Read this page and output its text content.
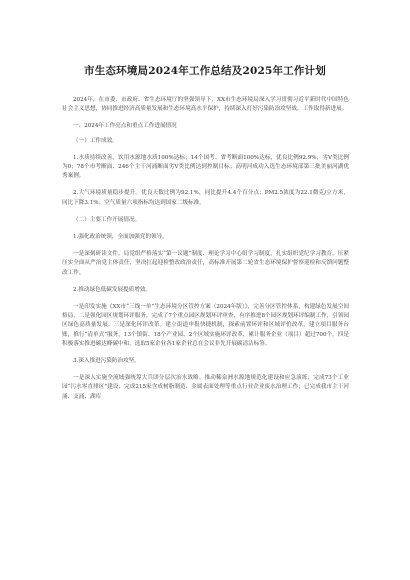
市生态环境局2024年工作总结及2025年工作计划

2024年，在市委、市政府、省生态环境厅的坚强领导下，XX市生态环境局深入学习贯彻习近平新时代中国特色社会主义思想，协同推进经济高质量发展和生态环境高水平保护，持续深入打好污染防治攻坚战，工作取得新进展。

一、2024年工作亮点和重点工作进展情况

（一）工作成效。

1.水质持续改善，饮用水源地水质100%达标；14个国考、省考断面100%达标，优良比例92.9%，劣Ⅴ类比例为0；78个市考断面、246个主干河涌断面劣Ⅴ类比例达到控制目标；高明河成功入选生态环境部第三批美丽河湖优秀案例。

2.大气环境质量稳步提升。优良天数比例为92.1%，同比提升4.4个百分点；PM2.5浓度为22.1微克/立方米，同比下降3.1%；空气质量六项指标均达到国家二级标准。

（二）主要工作开展情况。

1.强化政治统领，全面加强党的领导。

一是深刻研读文件，局党组严格落实“第一议题”制度、理论学习中心组学习制度，扎实组织党纪学习教育，压紧压实全面从严治党主体责任，坚决扛起迎检整改政治责任，高标准开展第二轮省生态环境保护督察迎检和反馈问题整改工作。

2.推动绿色低碳发展提质增效。

一是印发实施《XX市“三线一单”生态环境分区管控方案（2024年版）》，完善分区管控体系，构建绿色发展空间格局，二是强化园区规划环评服务，完成了7个重点园区规划环评审查，有序推进8个园区规划环评编制工作，引领园区绿色高质量发展。三是深化环评改革。建立街道申报快捷机制，探索前置环评和区域评价改革，建立项目服务台账，推行“清单式”服务，13个镇街、18个产业园、2个区域实施环评改革，累计服务企业（项目）超过700个。四是积极落实推进碳达峰碳中和，选取5家企业各1家企业总在会议非先开展碳清洁标签。

3.深入推进污染防治攻坚。

一是深入实施全流域强统筹大兵团分层次治水战略。推动稀泉洲水源地规范化建设和应急演练；完成73个工业园“污水零直排区”建设；完成215家含成树脂制造、金属表面处理等重点行业企业废水治理工作；已完成我市主干河涌、支涌、湖库
